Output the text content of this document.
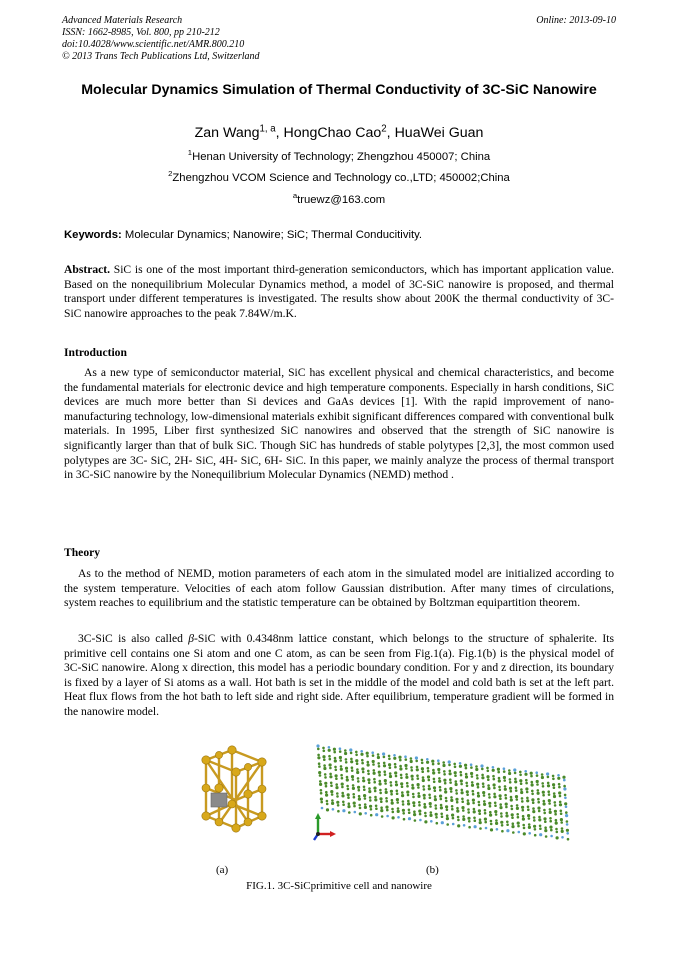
Advanced Materials Research
ISSN: 1662-8985, Vol. 800, pp 210-212
doi:10.4028/www.scientific.net/AMR.800.210
© 2013 Trans Tech Publications Ltd, Switzerland
Online: 2013-09-10
Molecular Dynamics Simulation of Thermal Conductivity of 3C-SiC Nanowire
Zan Wang$^{1, a}$, HongChao Cao$^2$, HuaWei Guan
$^1$Henan University of Technology; Zhengzhou 450007; China
$^2$Zhengzhou VCOM Science and Technology co.,LTD; 450002;China
$^a$truewz@163.com
Keywords: Molecular Dynamics; Nanowire; SiC; Thermal Conducitivity.
Abstract. SiC is one of the most important third-generation semiconductors, which has important application value. Based on the nonequilibrium Molecular Dynamics method, a model of 3C-SiC nanowire is proposed, and thermal transport under different temperatures is investigated. The results show about 200K the thermal conductivity of 3C-SiC nanowire approaches to the peak 7.84W/m.K.
Introduction
As a new type of semiconductor material, SiC has excellent physical and chemical characteristics, and become the fundamental materials for electronic device and high temperature components. Especially in harsh conditions, SiC devices are much more better than Si devices and GaAs devices [1]. With the rapid improvement of nano-manufacturing technology, low-dimensional materials exhibit significant differences compared with conventional bulk materials. In 1995, Liber first synthesized SiC nanowires and observed that the strength of SiC nanowire is significantly larger than that of bulk SiC. Though SiC has hundreds of stable polytypes [2,3], the most common used polytypes are 3C- SiC, 2H- SiC, 4H- SiC, 6H- SiC. In this paper, we mainly analyze the process of thermal transport in 3C-SiC nanowire by the Nonequilibrium Molecular Dynamics (NEMD) method .
Theory
As to the method of NEMD, motion parameters of each atom in the simulated model are initialized according to the system temperature. Velocities of each atom follow Gaussian distribution. After many times of circulations, system reaches to equilibrium and the statistic temperature can be obtained by Boltzman equipartition theorem.
3C-SiC is also called β-SiC with 0.4348nm lattice constant, which belongs to the structure of sphalerite. Its primitive cell contains one Si atom and one C atom, as can be seen from Fig.1(a). Fig.1(b) is the physical model of 3C-SiC nanowire. Along x direction, this model has a periodic boundary condition. For y and z direction, its boundary is fixed by a layer of Si atoms as a wall. Hot bath is set in the middle of the model and cold bath is set at the left part. Heat flux flows from the hot bath to left side and right side. After equilibrium, temperature gradient will be formed in the nanowire model.
(a)	(b)
FIG.1. 3C-SiCprimitive cell and nanowire
